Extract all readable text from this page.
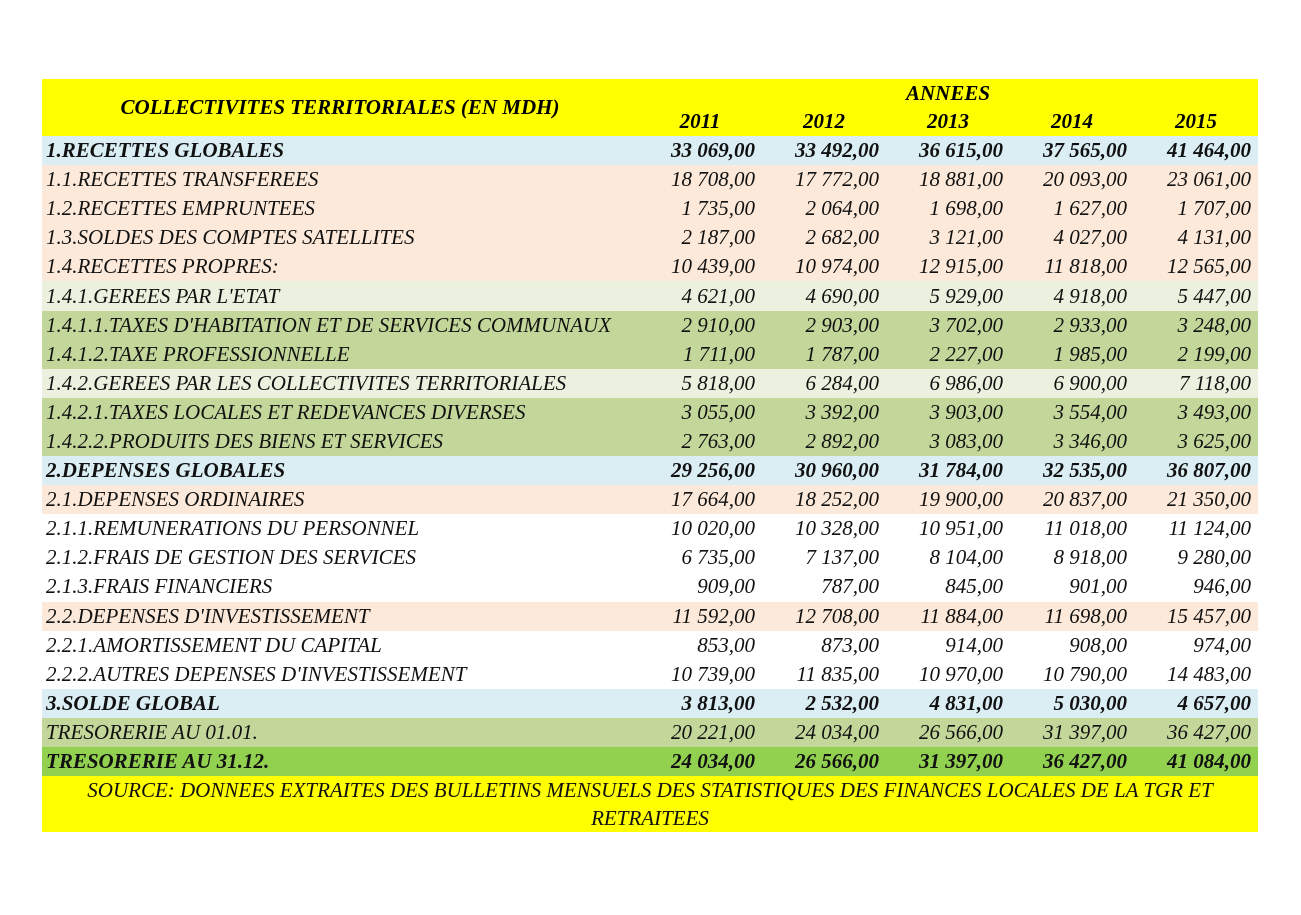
COLLECTIVITES TERRITORIALES (EN MDH)	ANNEES				
	2011	2012	2013	2014	2015
1.RECETTES GLOBALES	33 069,00	33 492,00	36 615,00	37 565,00	41 464,00
1.1.RECETTES TRANSFEREES	18 708,00	17 772,00	18 881,00	20 093,00	23 061,00
1.2.RECETTES EMPRUNTEES	1 735,00	2 064,00	1 698,00	1 627,00	1 707,00
1.3.SOLDES DES COMPTES SATELLITES	2 187,00	2 682,00	3 121,00	4 027,00	4 131,00
1.4.RECETTES PROPRES:	10 439,00	10 974,00	12 915,00	11 818,00	12 565,00
1.4.1.GEREES PAR L'ETAT	4 621,00	4 690,00	5 929,00	4 918,00	5 447,00
1.4.1.1.TAXES D'HABITATION ET DE SERVICES COMMUNAUX	2 910,00	2 903,00	3 702,00	2 933,00	3 248,00
1.4.1.2.TAXE PROFESSIONNELLE	1 711,00	1 787,00	2 227,00	1 985,00	2 199,00
1.4.2.GEREES PAR LES COLLECTIVITES TERRITORIALES	5 818,00	6 284,00	6 986,00	6 900,00	7 118,00
1.4.2.1.TAXES LOCALES ET REDEVANCES DIVERSES	3 055,00	3 392,00	3 903,00	3 554,00	3 493,00
1.4.2.2.PRODUITS DES BIENS ET SERVICES	2 763,00	2 892,00	3 083,00	3 346,00	3 625,00
2.DEPENSES GLOBALES	29 256,00	30 960,00	31 784,00	32 535,00	36 807,00
2.1.DEPENSES ORDINAIRES	17 664,00	18 252,00	19 900,00	20 837,00	21 350,00
2.1.1.REMUNERATIONS DU PERSONNEL	10 020,00	10 328,00	10 951,00	11 018,00	11 124,00
2.1.2.FRAIS DE GESTION DES SERVICES	6 735,00	7 137,00	8 104,00	8 918,00	9 280,00
2.1.3.FRAIS FINANCIERS	909,00	787,00	845,00	901,00	946,00
2.2.DEPENSES D'INVESTISSEMENT	11 592,00	12 708,00	11 884,00	11 698,00	15 457,00
2.2.1.AMORTISSEMENT DU CAPITAL	853,00	873,00	914,00	908,00	974,00
2.2.2.AUTRES DEPENSES D'INVESTISSEMENT	10 739,00	11 835,00	10 970,00	10 790,00	14 483,00
3.SOLDE GLOBAL	3 813,00	2 532,00	4 831,00	5 030,00	4 657,00
TRESORERIE AU 01.01.	20 221,00	24 034,00	26 566,00	31 397,00	36 427,00
TRESORERIE AU 31.12.	24 034,00	26 566,00	31 397,00	36 427,00	41 084,00
SOURCE: DONNEES EXTRAITES DES BULLETINS MENSUELS DES STATISTIQUES DES FINANCES LOCALES DE LA TGR ET RETRAITEES					
